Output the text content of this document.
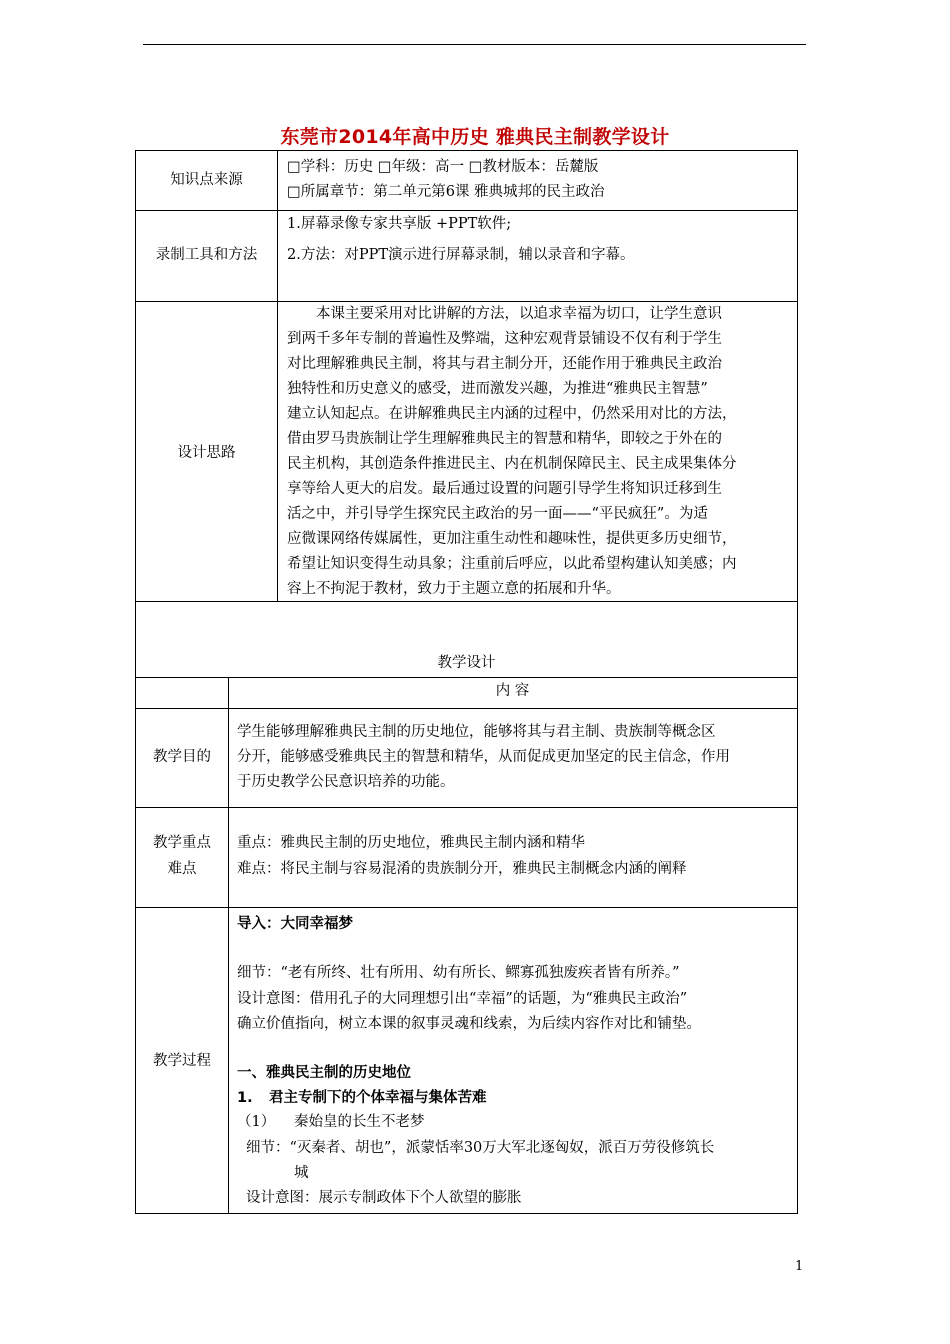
东莞市2014年高中历史 雅典民主制教学设计
知识点来源
□学科：历史 □年级：高一 □教材版本：岳麓版
□所属章节：第二单元第6课 雅典城邦的民主政治
录制工具和方法
1.屏幕录像专家共享版 +PPT软件;
2.方法：对PPT演示进行屏幕录制，辅以录音和字幕。
设计思路
本课主要采用对比讲解的方法，以追求幸福为切口，让学生意识
到两千多年专制的普遍性及弊端，这种宏观背景铺设不仅有利于学生
对比理解雅典民主制，将其与君主制分开，还能作用于雅典民主政治
独特性和历史意义的感受，进而激发兴趣，为推进“雅典民主智慧”
建立认知起点。在讲解雅典民主内涵的过程中，仍然采用对比的方法，
借由罗马贵族制让学生理解雅典民主的智慧和精华，即较之于外在的
民主机构，其创造条件推进民主、内在机制保障民主、民主成果集体分
享等给人更大的启发。最后通过设置的问题引导学生将知识迁移到生
活之中，并引导学生探究民主政治的另一面——“平民疯狂”。为适
应微课网络传媒属性，更加注重生动性和趣味性，提供更多历史细节，
希望让知识变得生动具象；注重前后呼应，以此希望构建认知美感；内
容上不拘泥于教材，致力于主题立意的拓展和升华。
教学设计
内 容
教学目的
学生能够理解雅典民主制的历史地位，能够将其与君主制、贵族制等概念区
分开，能够感受雅典民主的智慧和精华，从而促成更加坚定的民主信念，作用
于历史教学公民意识培养的功能。
教学重点
难点
重点：雅典民主制的历史地位，雅典民主制内涵和精华
难点：将民主制与容易混淆的贵族制分开，雅典民主制概念内涵的阐释
教学过程
导入：大同幸福梦
细节：“老有所终、壮有所用、幼有所长、鳏寡孤独废疾者皆有所养。”
设计意图：借用孔子的大同理想引出“幸福”的话题，为“雅典民主政治”
确立价值指向，树立本课的叙事灵魂和线索，为后续内容作对比和铺垫。
一、雅典民主制的历史地位
1. 君主专制下的个体幸福与集体苦难
（1） 秦始皇的长生不老梦
细节：“灭秦者、胡也”，派蒙恬率30万大军北逐匈奴，派百万劳役修筑长
城
设计意图：展示专制政体下个人欲望的膨胀
1
